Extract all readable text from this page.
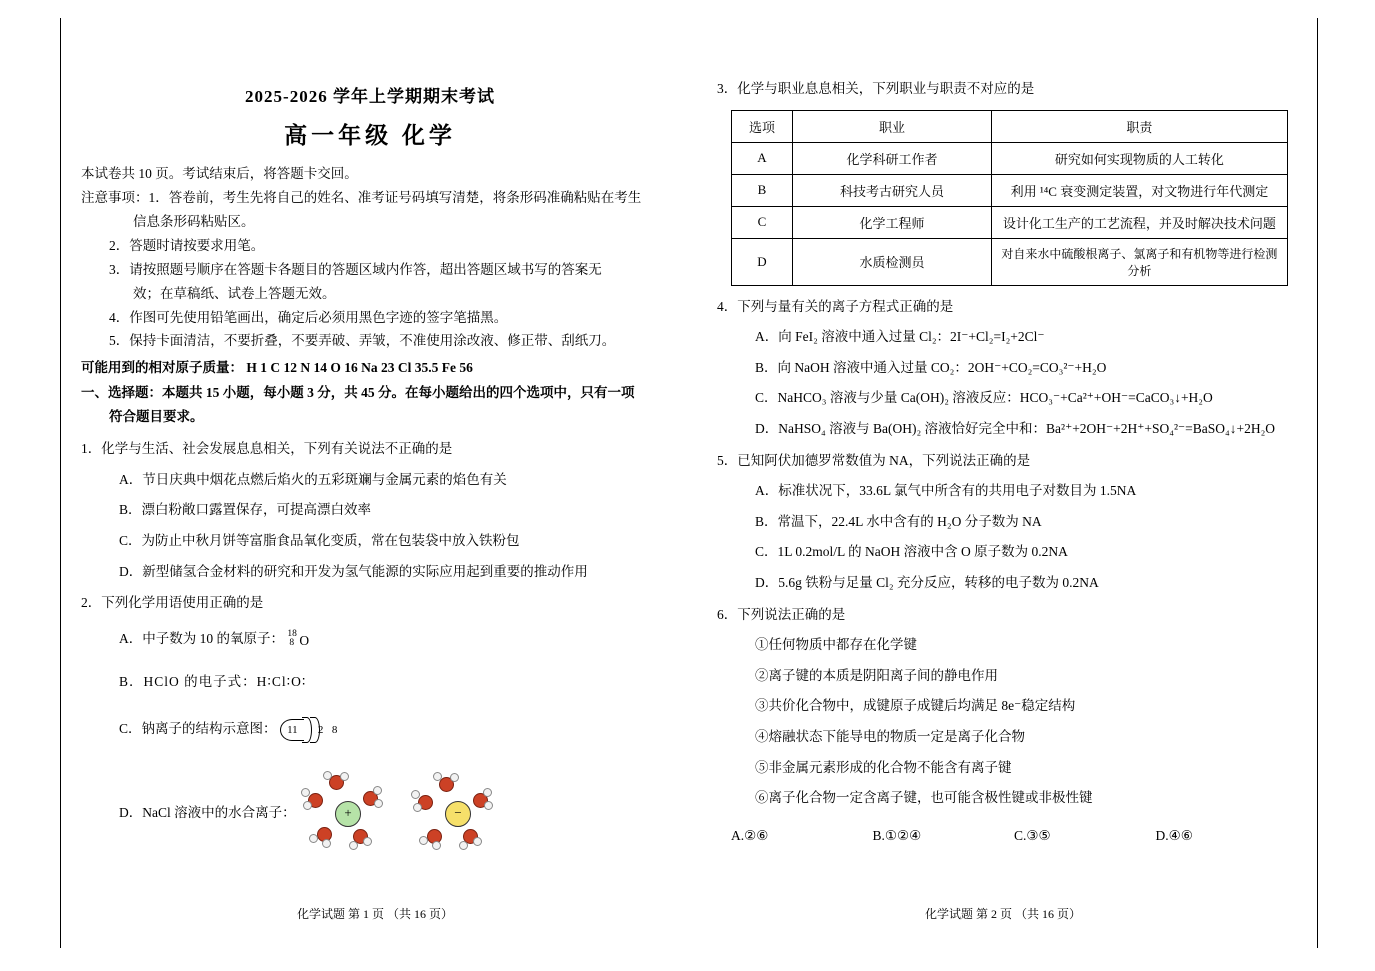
2025-2026 学年上学期期末考试
高一年级 化学
本试卷共 10 页。考试结束后，将答题卡交回。
注意事项：1．答卷前，考生先将自己的姓名、准考证号码填写清楚，将条形码准确粘贴在考生
信息条形码粘贴区。
2．答题时请按要求用笔。
3．请按照题号顺序在答题卡各题目的答题区域内作答，超出答题区域书写的答案无
效；在草稿纸、试卷上答题无效。
4．作图可先使用铅笔画出，确定后必须用黑色字迹的签字笔描黑。
5．保持卡面清洁，不要折叠，不要弄破、弄皱，不准使用涂改液、修正带、刮纸刀。
可能用到的相对原子质量： H 1 C 12 N 14 O 16 Na 23 Cl 35.5 Fe 56
一、选择题：本题共 15 小题，每小题 3 分，共 45 分。在每小题给出的四个选项中，只有一项
符合题目要求。
1．化学与生活、社会发展息息相关，下列有关说法不正确的是
A．节日庆典中烟花点燃后焰火的五彩斑斓与金属元素的焰色有关
B．漂白粉敞口露置保存，可提高漂白效率
C．为防止中秋月饼等富脂食品氧化变质，常在包装袋中放入铁粉包
D．新型储氢合金材料的研究和开发为氢气能源的实际应用起到重要的推动作用
2．下列化学用语使用正确的是
A．中子数为 10 的氧原子： 18
8 O
B．HClO 的电子式：H∶Cl∶O∶
C．钠离子的结构示意图： 11	2 8
D．NaCl 溶液中的水合离子：	+	−
化学试题 第 1 页 （共 16 页）
3．化学与职业息息相关，下列职业与职责不对应的是
选项	职业	职责
A	化学科研工作者	研究如何实现物质的人工转化
B	科技考古研究人员	利用 ¹⁴C 衰变测定装置，对文物进行年代测定
C	化学工程师	设计化工生产的工艺流程，并及时解决技术问题
D	水质检测员	对自来水中硫酸根离子、氯离子和有机物等进行检测分析
4．下列与量有关的离子方程式正确的是
A．向 FeI₂ 溶液中通入过量 Cl₂：2I⁻+Cl₂=I₂+2Cl⁻
B．向 NaOH 溶液中通入过量 CO₂：2OH⁻+CO₂=CO₃²⁻+H₂O
C．NaHCO₃ 溶液与少量 Ca(OH)₂ 溶液反应：HCO₃⁻+Ca²⁺+OH⁻=CaCO₃↓+H₂O
D．NaHSO₄ 溶液与 Ba(OH)₂ 溶液恰好完全中和：Ba²⁺+2OH⁻+2H⁺+SO₄²⁻=BaSO₄↓+2H₂O
5．已知阿伏加德罗常数值为 NA，下列说法正确的是
A．标准状况下，33.6L 氯气中所含有的共用电子对数目为 1.5NA
B．常温下，22.4L 水中含有的 H₂O 分子数为 NA
C．1L 0.2mol/L 的 NaOH 溶液中含 O 原子数为 0.2NA
D．5.6g 铁粉与足量 Cl₂ 充分反应，转移的电子数为 0.2NA
6．下列说法正确的是
①任何物质中都存在化学键
②离子键的本质是阴阳离子间的静电作用
③共价化合物中，成键原子成键后均满足 8e⁻稳定结构
④熔融状态下能导电的物质一定是离子化合物
⑤非金属元素形成的化合物不能含有离子键
⑥离子化合物一定含离子键，也可能含极性键或非极性键
A.②⑥	B.①②④	C.③⑤	D.④⑥
化学试题 第 2 页 （共 16 页）
